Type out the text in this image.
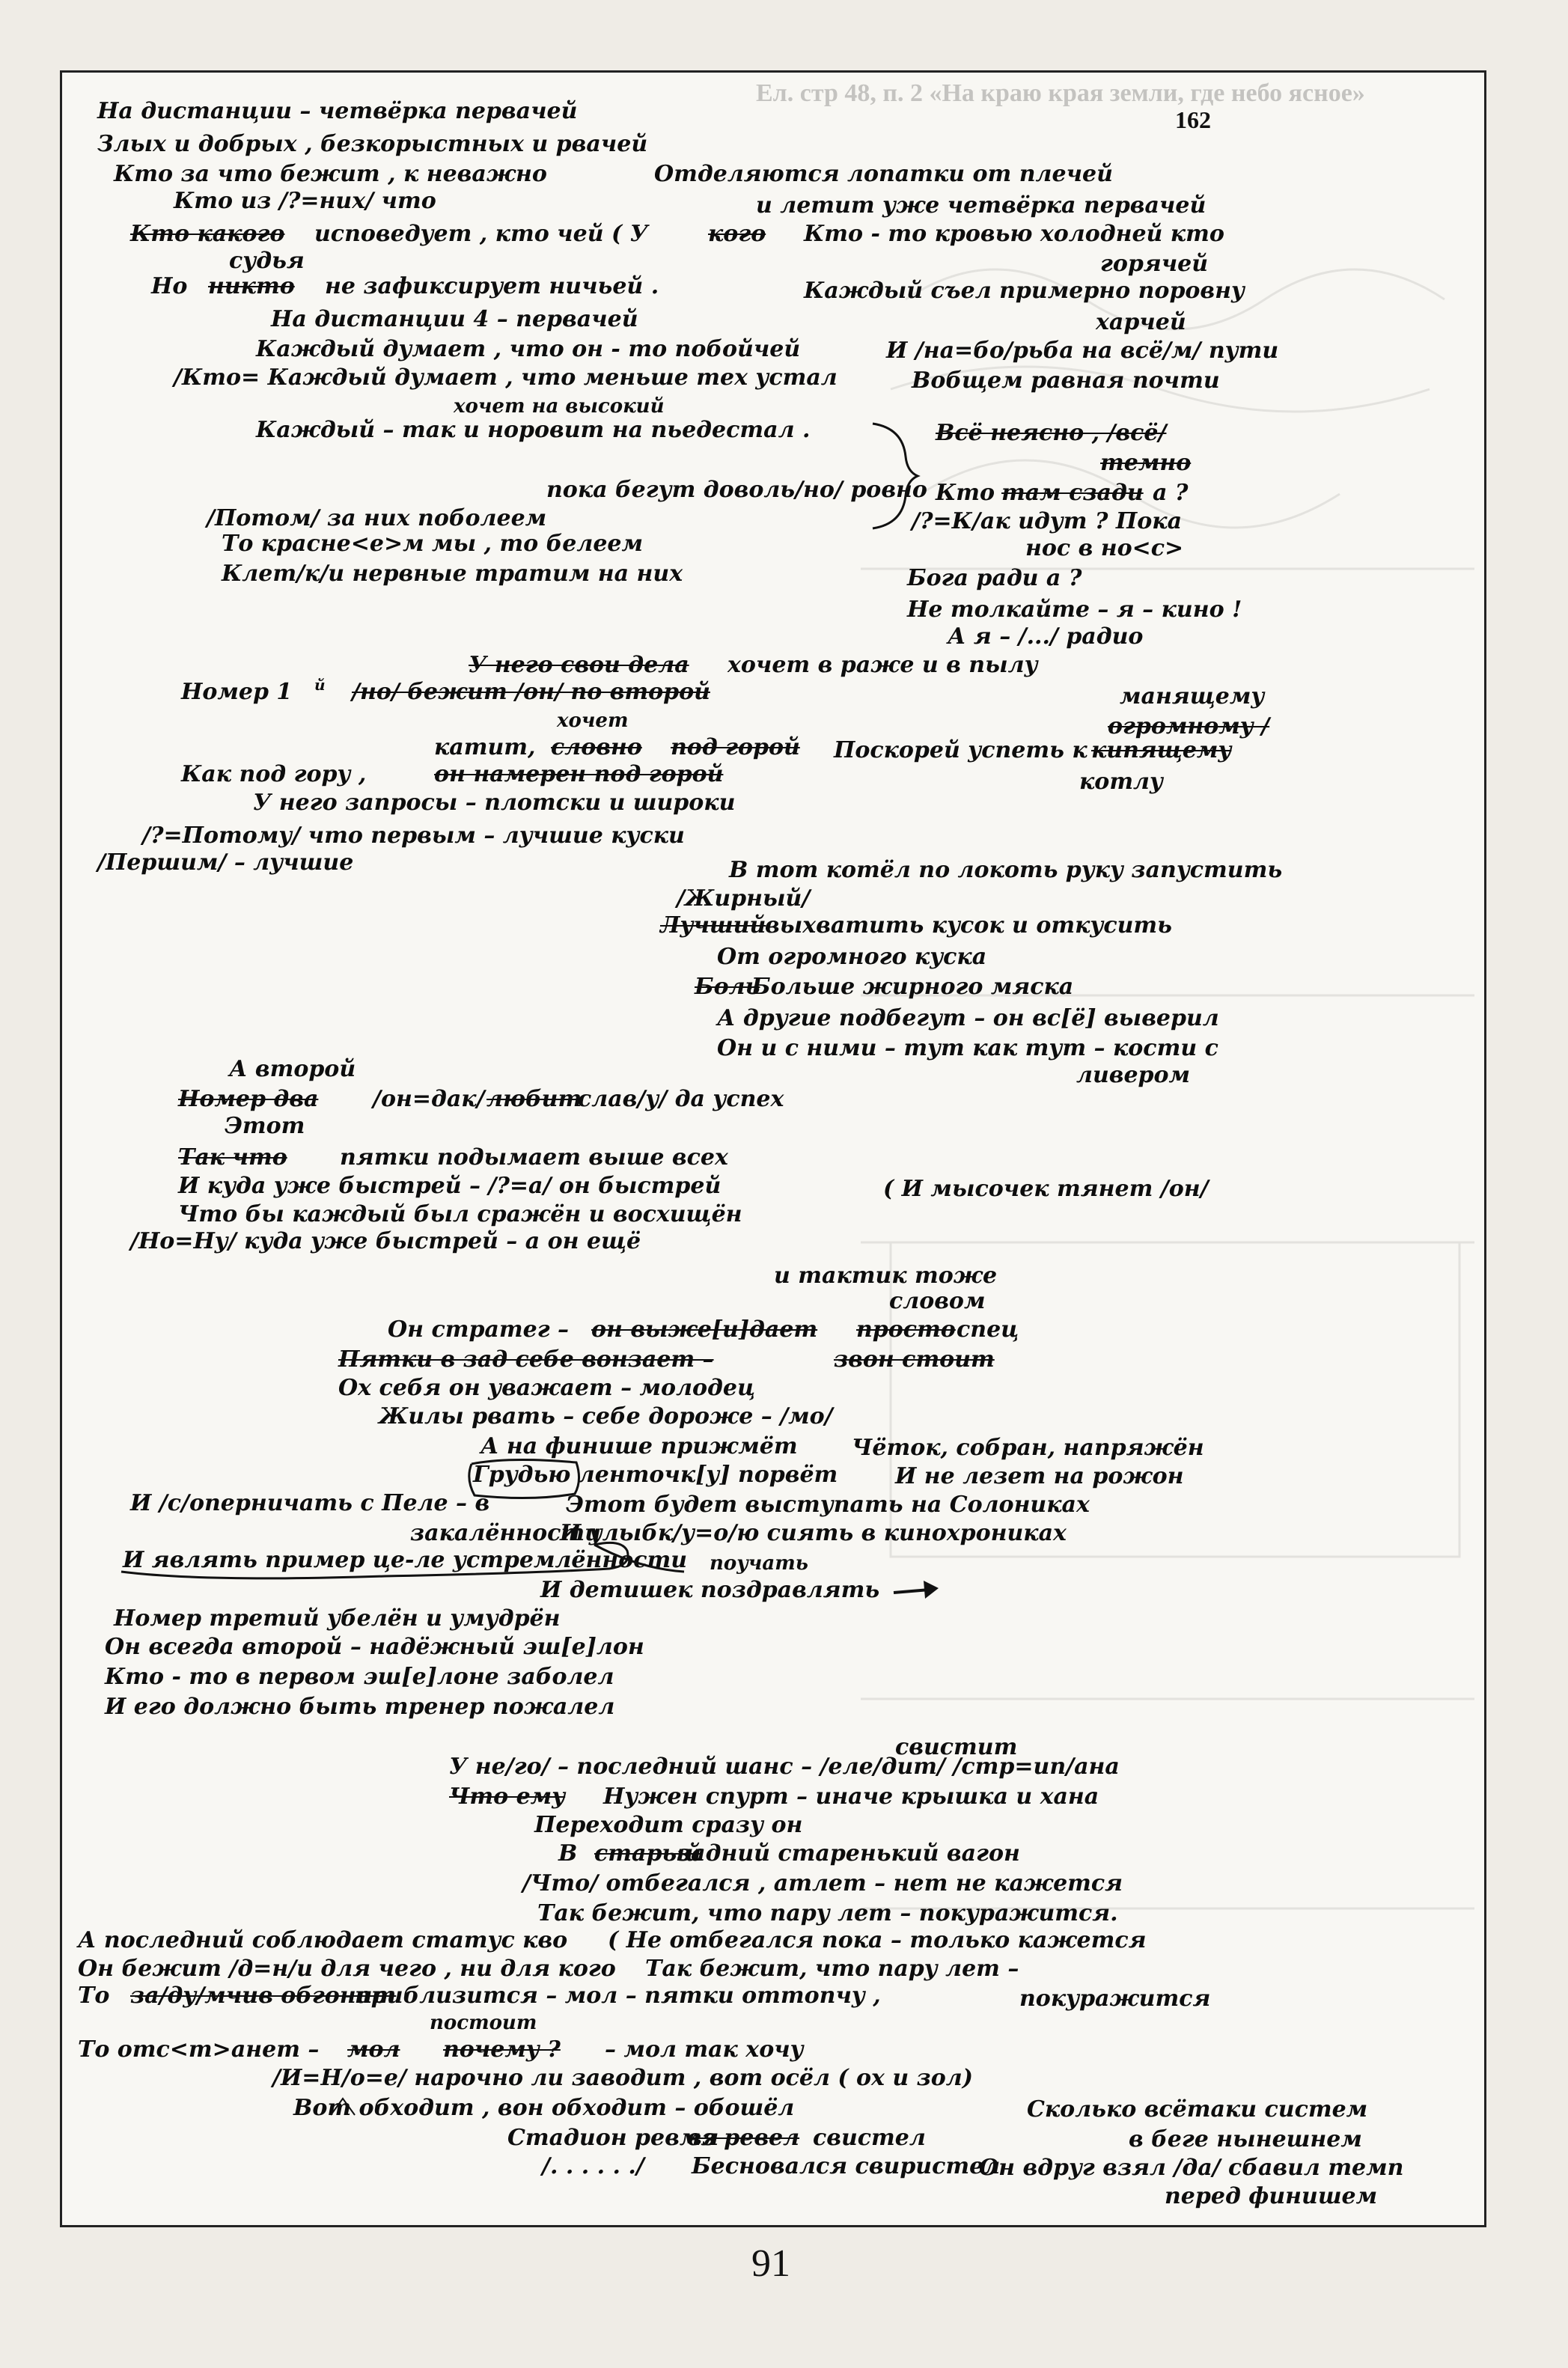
Ел. стр 48, п. 2 «На краю края земли, где небо ясное»
162
На дистанции – четвёрка первачей
Злых и добрых , безкорыстных и рвачей
Кто за что бежит , к неважно	Отделяются лопатки от плечей
Кто из /?=них/ что	и летит уже четвёрка первачей
Кто какого исповедует , кто чей ( У	кого Кто - то кровью холодней кто
судья	горячей
Но никто не зафиксирует ничьей .	Каждый съел примерно поровну
На дистанции 4 – первачей	харчей
Каждый думает , что он - то побойчей	И /на=бо/рьба на всё/м/ пути
/Кто= Каждый думает , что меньше тех устал	Вобщем равная почти
хочет на высокий
Каждый – так и норовит на пьедестал .	Всё неясно , /всё/
темно
пока бегут доволь/но/ ровно Кто там сзади а ?
/Потом/ за них поболеем	/?=К/ак идут ? Пока
То красне<е>м мы , то белеем	нос в но<с>
Клет/к/и нервные тратим на них	Бога ради а ?
Не толкайте – я – кино !
А я – /.../ радио
У него свои дела хочет в раже и в пылу
Номер 1 й /но/ бежит /он/ по второй	манящему
хочет	огромному /
катит, словно под горой Поскорей успеть к кипящему
Как под гору ,	он намерен под горой	котлу
У него запросы – плотски и широки
/?=Потому/ что первым – лучшие куски
/Першим/ – лучшие	В тот котёл по локоть руку запустить
/Жирный/
Лучший
выхватить кусок и откусить
От огромного куска
Боль
Больше жирного мяска
А другие подбегут – он вс[ё] выверил
Он и с ними – тут как тут – кости с
ливером
А второй
Номер два /он=дак/ любит
слав/у/ да успех
Этот
Так что пятки подымает выше всех
И куда уже быстрей – /?=а/ он быстрей	( И мысочек тянет /он/
Что бы каждый был сражён и восхищён
/Но=Ну/ куда уже быстрей – а он ещё
и тактик тоже
словом
Он стратег – он выже[и]дает просто спец
Пятки в зад себе вонзает –	звон стоит
Ох себя он уважает – молодец
Жилы рвать – себе дороже – /мо/
А на финише прижмёт Чёток, собран, напряжён
Грудью ленточк[у] порвёт	И не лезет на рожон
И /с/оперничать с Пеле – в	Этот будет выступать на Солониках
закалённости
И улыбк/у=о/ю сиять в кинохрониках
И являть пример це-ле устремлённости поучать
И детишек поздравлять
Номер третий убелён и умудрён
Он всегда второй – надёжный эш[е]лон
Кто - то в первом эш[е]лоне заболел
И его должно быть тренер пожалел
свистит
У не/го/ – последний шанс – /еле/дит/ /стр=ип/ана
Что ему Нужен спурт – иначе крышка и хана
Переходит сразу он
В старый
задний старенький вагон
/Что/ отбегался , атлет – нет не кажется
Так бежит, что пару лет – покуражится.
А последний соблюдает статус кво ( Не отбегался пока – только кажется
Он бежит /д=н/и для чего , ни для кого Так бежит, что пару лет –
То за/ду/мчив обгонит
приблизится – мол – пятки оттопчу ,	покуражится
постоит
То отс<т>анет – мол почему ? – мол так хочу
/И=Н/о=е/ нарочно ли заводит , вот осёл ( ох и зол)
Вот обходит , вон обходит – обошёл	Сколько всётаки систем
Стадион ревмя
вз ревел свистел	в беге нынешнем
/. . . . . ./ Бесновался свиристел
Он вдруг взял /да/ сбавил темп
перед финишем
91
